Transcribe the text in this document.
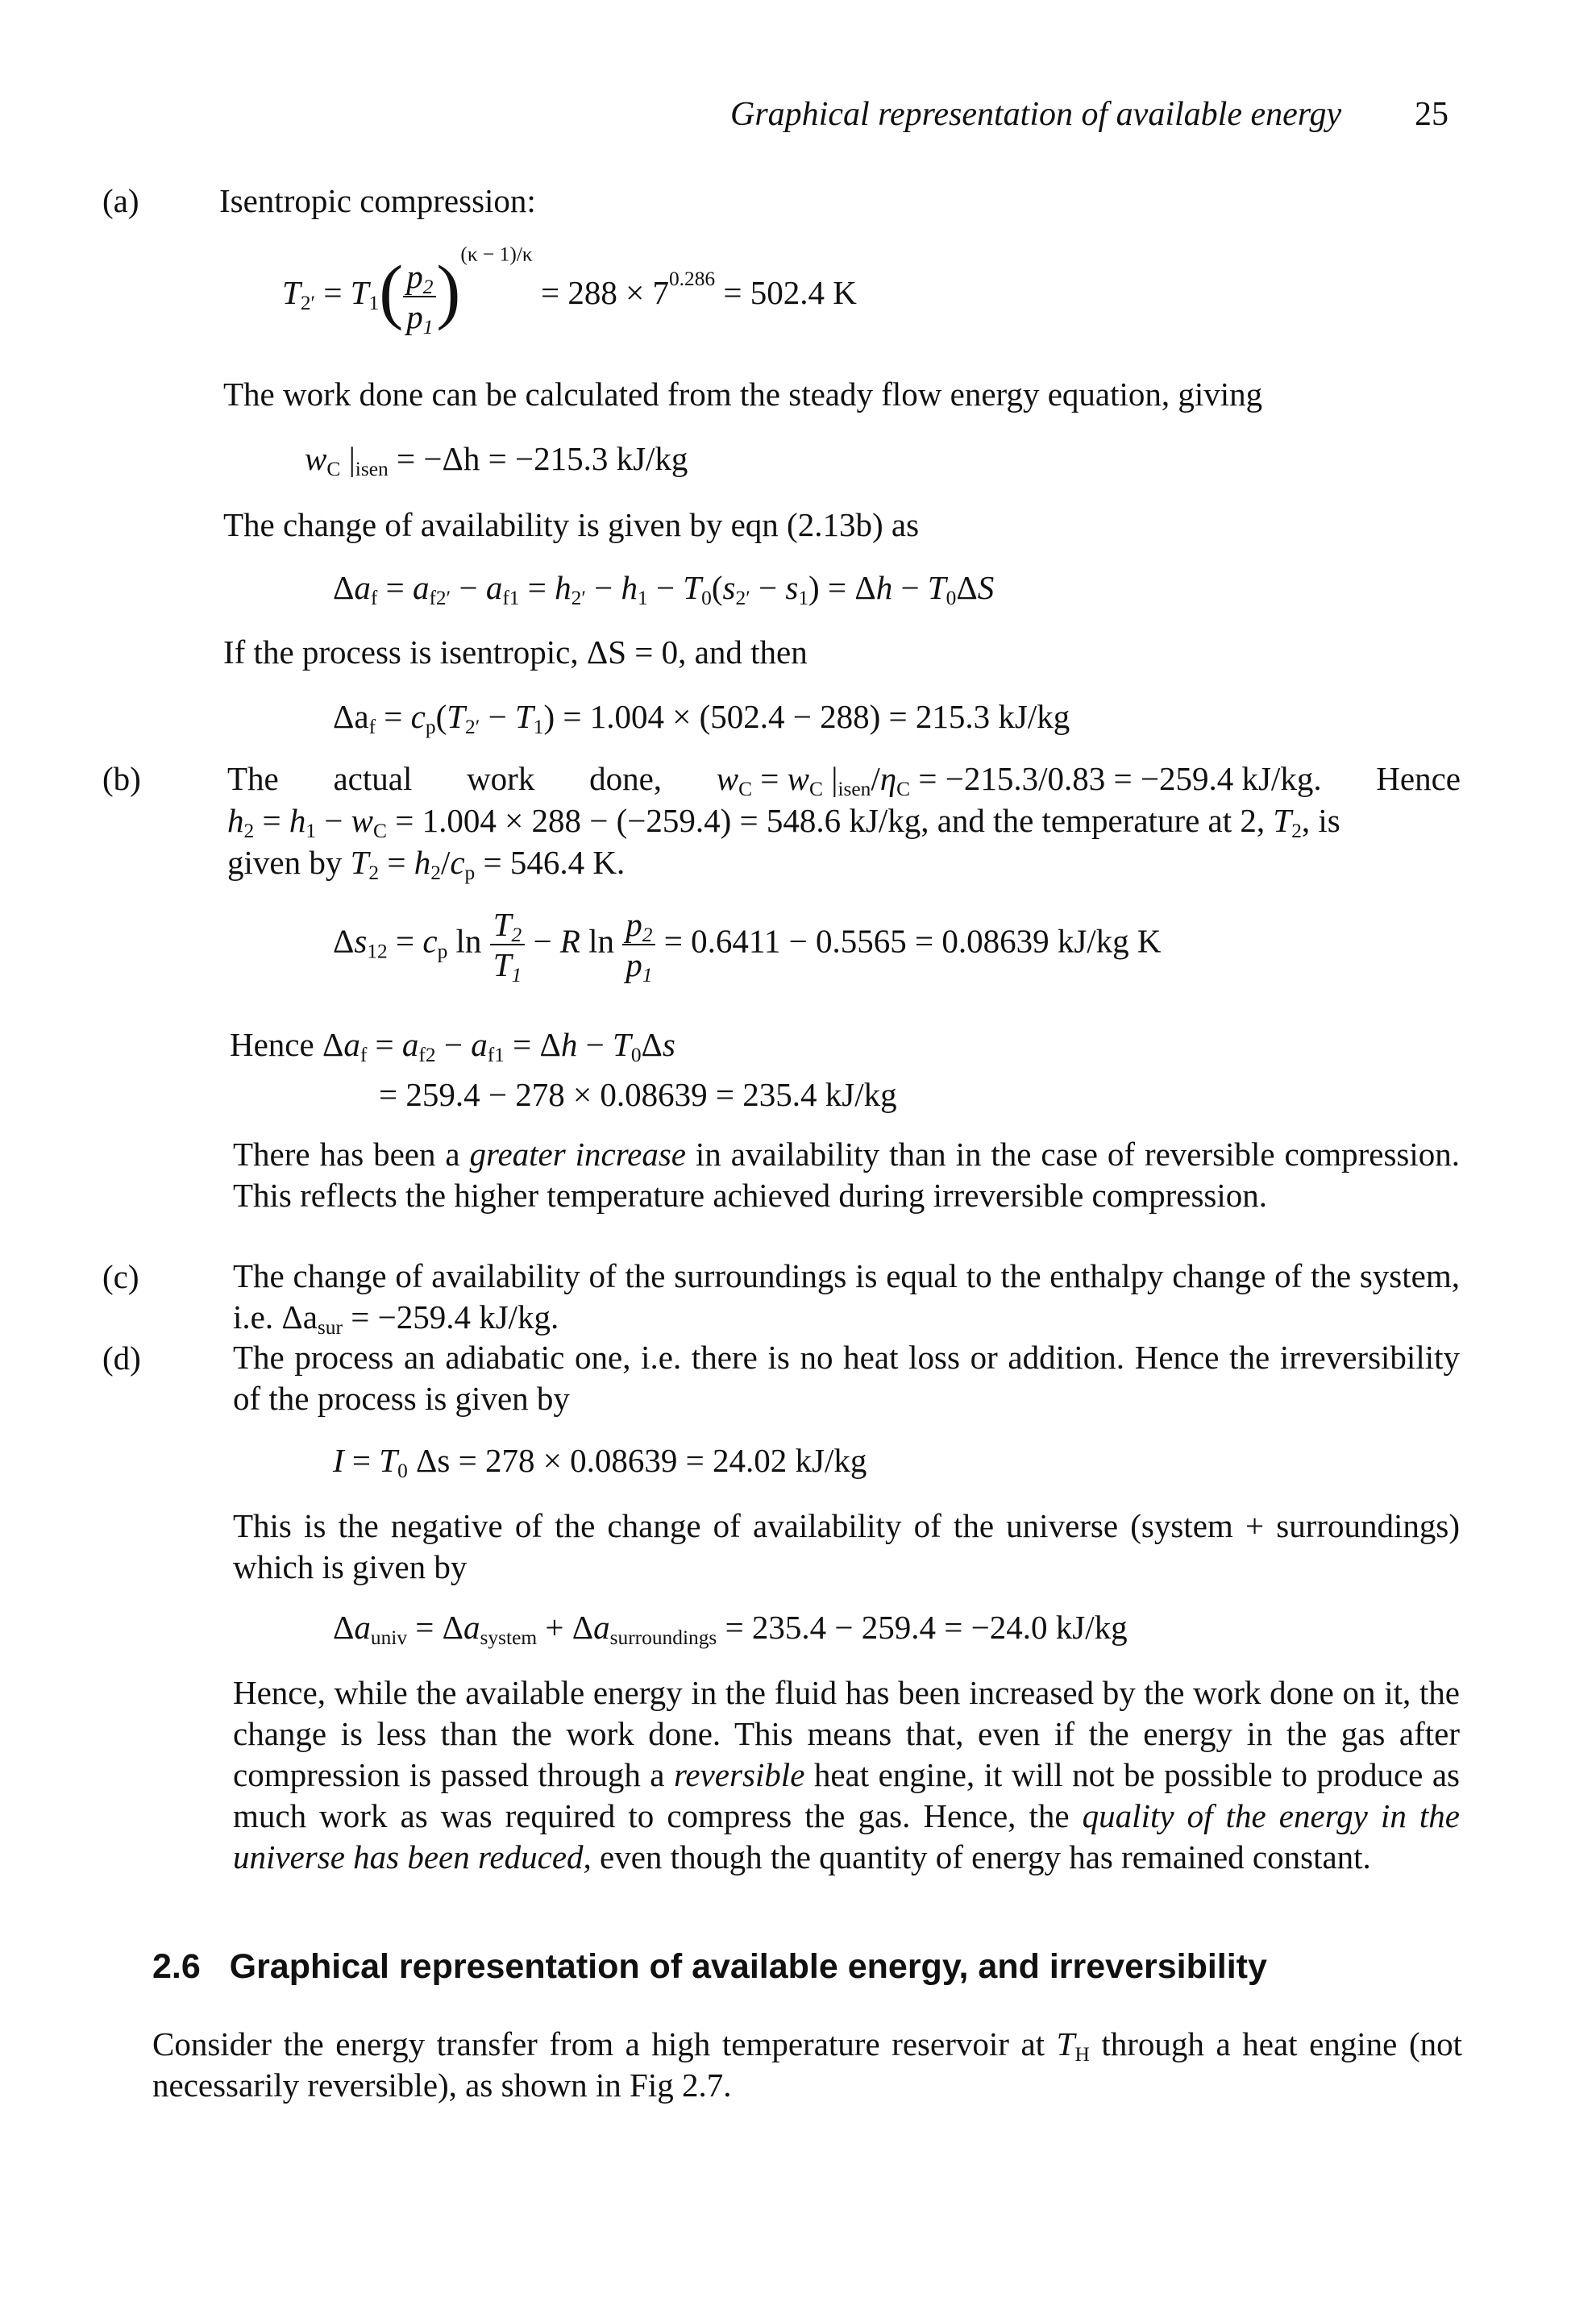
Graphical representation of available energy 25
(a) Isentropic compression:
$T_{2'} = T_1( \frac{p_2}{p_1} )^{(\kappa - 1)/\kappa} = 288 \times 7^{0.286} = 502.4$ K
The work done can be calculated from the steady flow energy equation, giving
$w_C$ $|_{isen} = -\Delta h = -215.3$ kJ/kg
The change of availability is given by eqn (2.13b) as
$\Delta a_f = a_{f2'} - a_{f1} = h_{2'} - h_1 - T_0(s_{2'} - s_1) = \Delta h - T_0\Delta S$
If the process is isentropic, ΔS = 0, and then
$\Delta a_f = c_p(T_{2'} - T_1) = 1.004 \times (502.4 - 288) = 215.3$ kJ/kg
(b)	The actual work done, $w_C = w_C$ $|_{isen}/\eta_C = -215.3/0.83 = -259.4$ kJ/kg. Hence
$h_2 = h_1 - w_C = 1.004 \times 288 - (-259.4) = 548.6$ kJ/kg, and the temperature at 2, $T_2$, is
given by $T_2 = h_2/c_p = 546.4$ K.
$\Delta s_{12} = c_p$ $\ln \frac{T_2}{T_1} - R$ $\ln \frac{p_2}{p_1} = 0.6411 - 0.5565 = 0.08639$ kJ/kg K
Hence $\Delta a_f = a_{f2} - a_{f1} = \Delta h - T_0\Delta s$
= 259.4 − 278 × 0.08639 = 235.4 kJ/kg
There has been a greater increase in availability than in the case of reversible compression. This reflects the higher temperature achieved during irreversible compression.
(c)	The change of availability of the surroundings is equal to the enthalpy change of the system, i.e. $\Delta a_{sur} = -259.4$ kJ/kg.
(d)	The process an adiabatic one, i.e. there is no heat loss or addition. Hence the irreversibility of the process is given by
$I = T_0$ Δs = 278 × 0.08639 = 24.02 kJ/kg
This is the negative of the change of availability of the universe (system + surroundings) which is given by
$\Delta a_{univ} = \Delta a_{system} + \Delta a_{surroundings} = 235.4 - 259.4 = -24.0$ kJ/kg
Hence, while the available energy in the fluid has been increased by the work done on it, the change is less than the work done. This means that, even if the energy in the gas after compression is passed through a reversible heat engine, it will not be possible to produce as much work as was required to compress the gas. Hence, the quality of the energy in the universe has been reduced, even though the quantity of energy has remained constant.
2.6 Graphical representation of available energy, and irreversibility
Consider the energy transfer from a high temperature reservoir at $T_H$ through a heat engine (not necessarily reversible), as shown in Fig 2.7.
